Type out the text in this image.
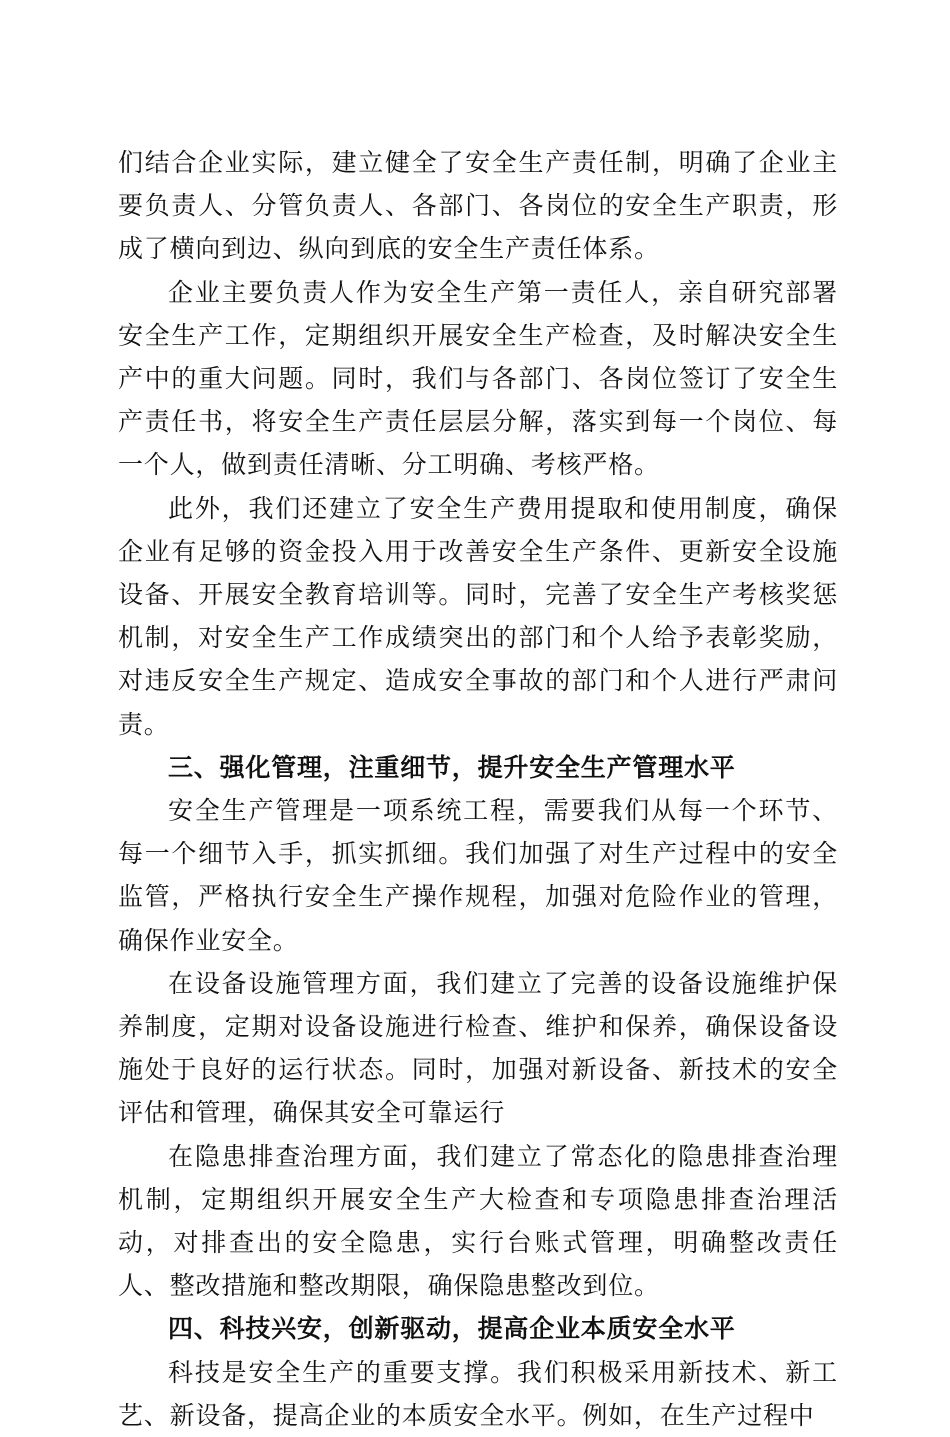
们结合企业实际，建立健全了安全生产责任制，明确了企业主要负责人、分管负责人、各部门、各岗位的安全生产职责，形成了横向到边、纵向到底的安全生产责任体系。

企业主要负责人作为安全生产第一责任人，亲自研究部署安全生产工作，定期组织开展安全生产检查，及时解决安全生产中的重大问题。同时，我们与各部门、各岗位签订了安全生产责任书，将安全生产责任层层分解，落实到每一个岗位、每一个人，做到责任清晰、分工明确、考核严格。

此外，我们还建立了安全生产费用提取和使用制度，确保企业有足够的资金投入用于改善安全生产条件、更新安全设施设备、开展安全教育培训等。同时，完善了安全生产考核奖惩机制，对安全生产工作成绩突出的部门和个人给予表彰奖励，对违反安全生产规定、造成安全事故的部门和个人进行严肃问责。

三、强化管理，注重细节，提升安全生产管理水平

安全生产管理是一项系统工程，需要我们从每一个环节、每一个细节入手，抓实抓细。我们加强了对生产过程中的安全监管，严格执行安全生产操作规程，加强对危险作业的管理，确保作业安全。

在设备设施管理方面，我们建立了完善的设备设施维护保养制度，定期对设备设施进行检查、维护和保养，确保设备设施处于良好的运行状态。同时，加强对新设备、新技术的安全评估和管理，确保其安全可靠运行

在隐患排查治理方面，我们建立了常态化的隐患排查治理机制，定期组织开展安全生产大检查和专项隐患排查治理活动，对排查出的安全隐患，实行台账式管理，明确整改责任人、整改措施和整改期限，确保隐患整改到位。

四、科技兴安，创新驱动，提高企业本质安全水平

科技是安全生产的重要支撑。我们积极采用新技术、新工艺、新设备，提高企业的本质安全水平。例如，在生产过程中
